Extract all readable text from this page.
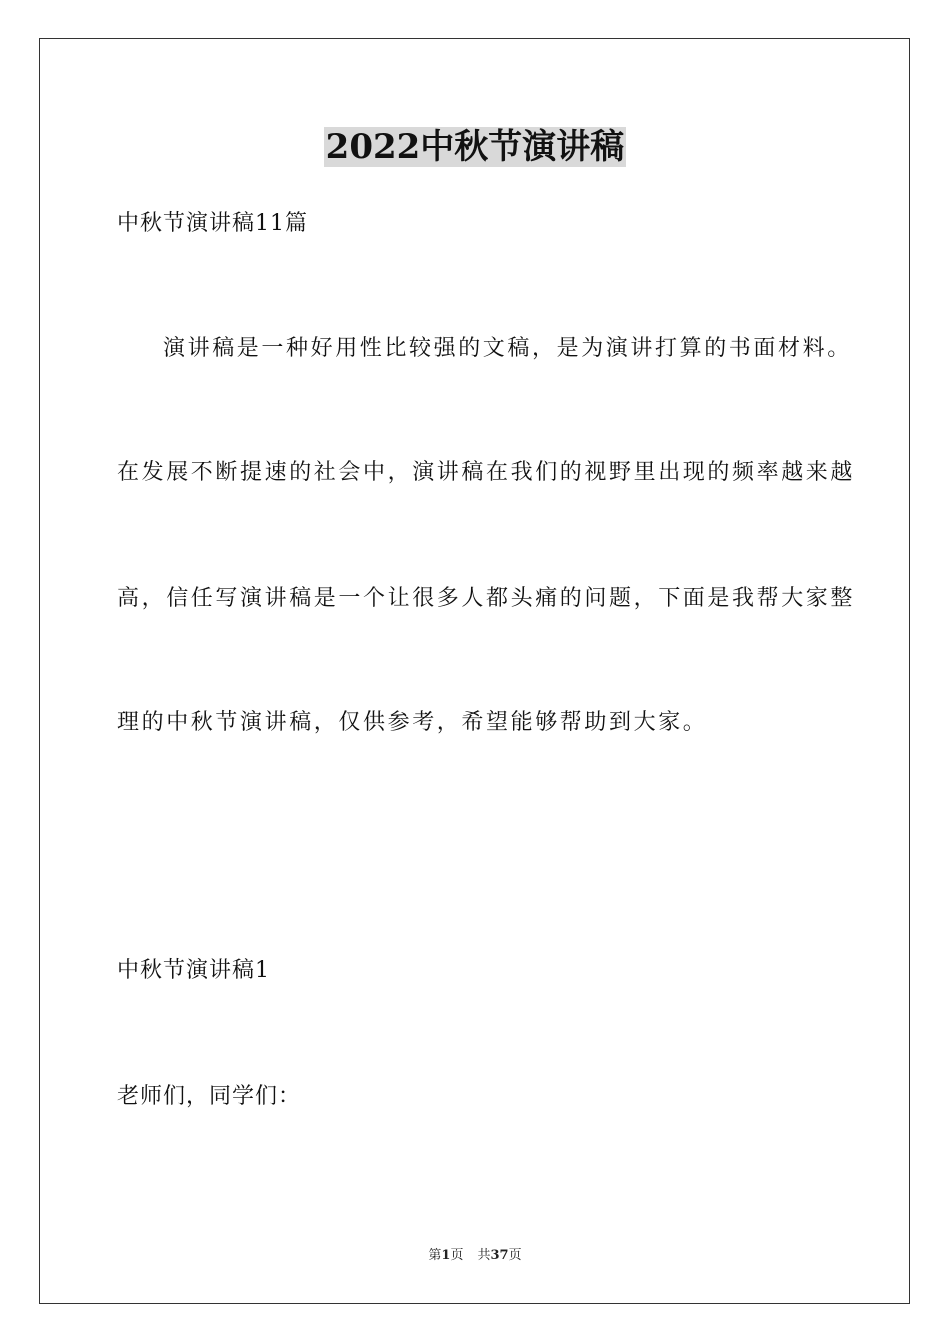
2022中秋节演讲稿
中秋节演讲稿11篇
演讲稿是一种好用性比较强的文稿，是为演讲打算的书面材料。
在发展不断提速的社会中，演讲稿在我们的视野里出现的频率越来越
高，信任写演讲稿是一个让很多人都头痛的问题，下面是我帮大家整
理的中秋节演讲稿，仅供参考，希望能够帮助到大家。
中秋节演讲稿1
老师们，同学们：
第1页 共37页
